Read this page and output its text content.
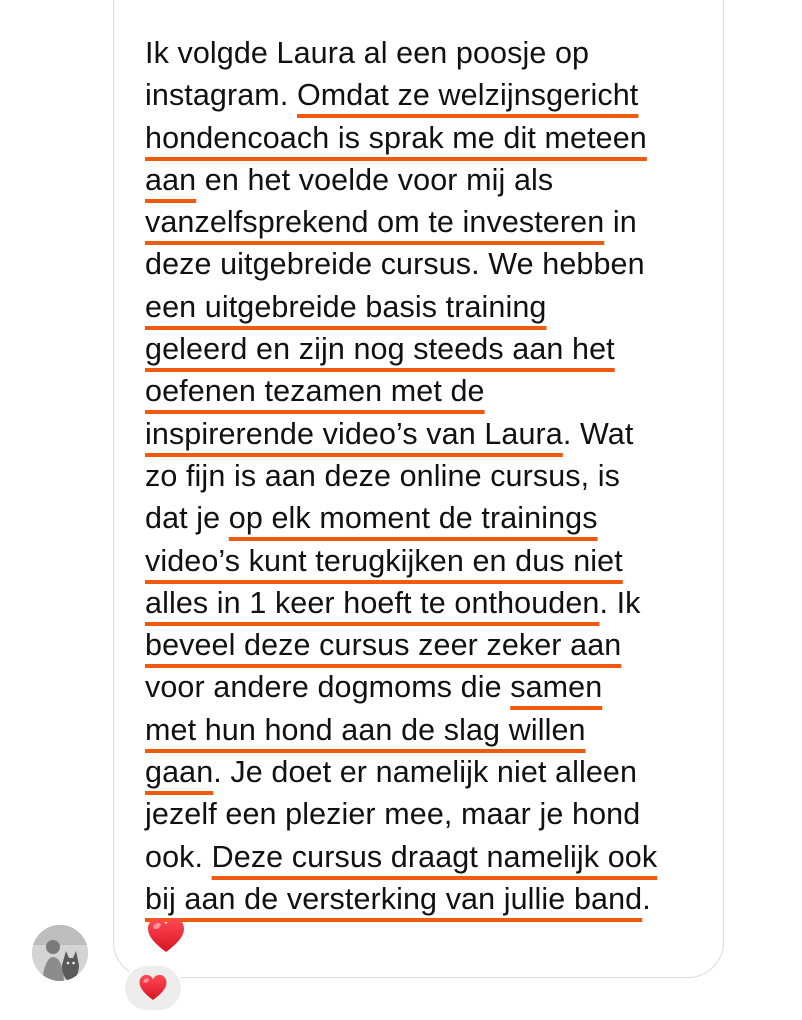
Ik volgde Laura al een poosje op
instagram. Omdat ze welzijnsgericht
hondencoach is sprak me dit meteen
aan en het voelde voor mij als
vanzelfsprekend om te investeren in
deze uitgebreide cursus. We hebben
een uitgebreide basis training
geleerd en zijn nog steeds aan het
oefenen tezamen met de
inspirerende video’s van Laura. Wat
zo fijn is aan deze online cursus, is
dat je op elk moment de trainings
video’s kunt terugkijken en dus niet
alles in 1 keer hoeft te onthouden. Ik
beveel deze cursus zeer zeker aan
voor andere dogmoms die samen
met hun hond aan de slag willen
gaan. Je doet er namelijk niet alleen
jezelf een plezier mee, maar je hond
ook. Deze cursus draagt namelijk ook
bij aan de versterking van jullie band.
